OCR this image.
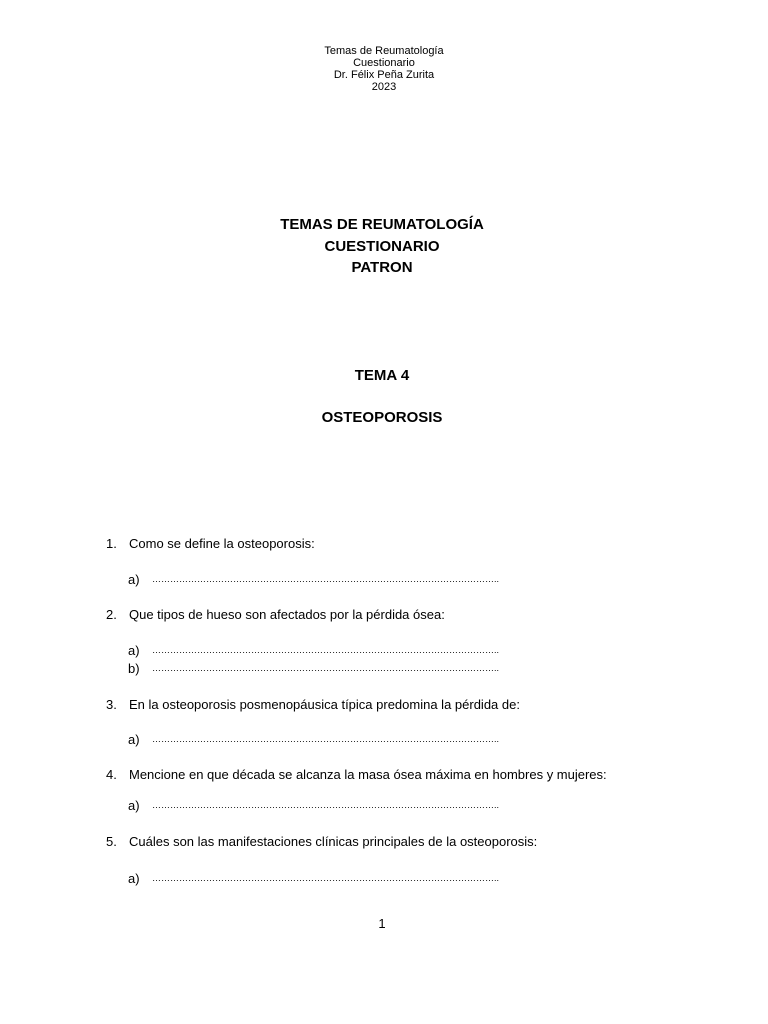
Temas de Reumatología
Cuestionario
Dr. Félix Peña Zurita
2023
TEMAS DE REUMATOLOGÍA
CUESTIONARIO
PATRON
TEMA 4
OSTEOPOROSIS
1. Como se define la osteoporosis:
a) ……………………………………………………………………………………………………..
2. Que tipos de hueso son afectados por la pérdida ósea:
a) ……………………………………………………………………………………………………..
b) ……………………………………………………………………………………………………..
3. En la osteoporosis posmenopáusica típica predomina la pérdida de:
a) ……………………………………………………………………………………………………..
4. Mencione en que década se alcanza la masa ósea máxima en hombres y mujeres:
a) ……………………………………………………………………………………………………..
5. Cuáles son las manifestaciones clínicas principales de la osteoporosis:
a) ……………………………………………………………………………………………………..
1
